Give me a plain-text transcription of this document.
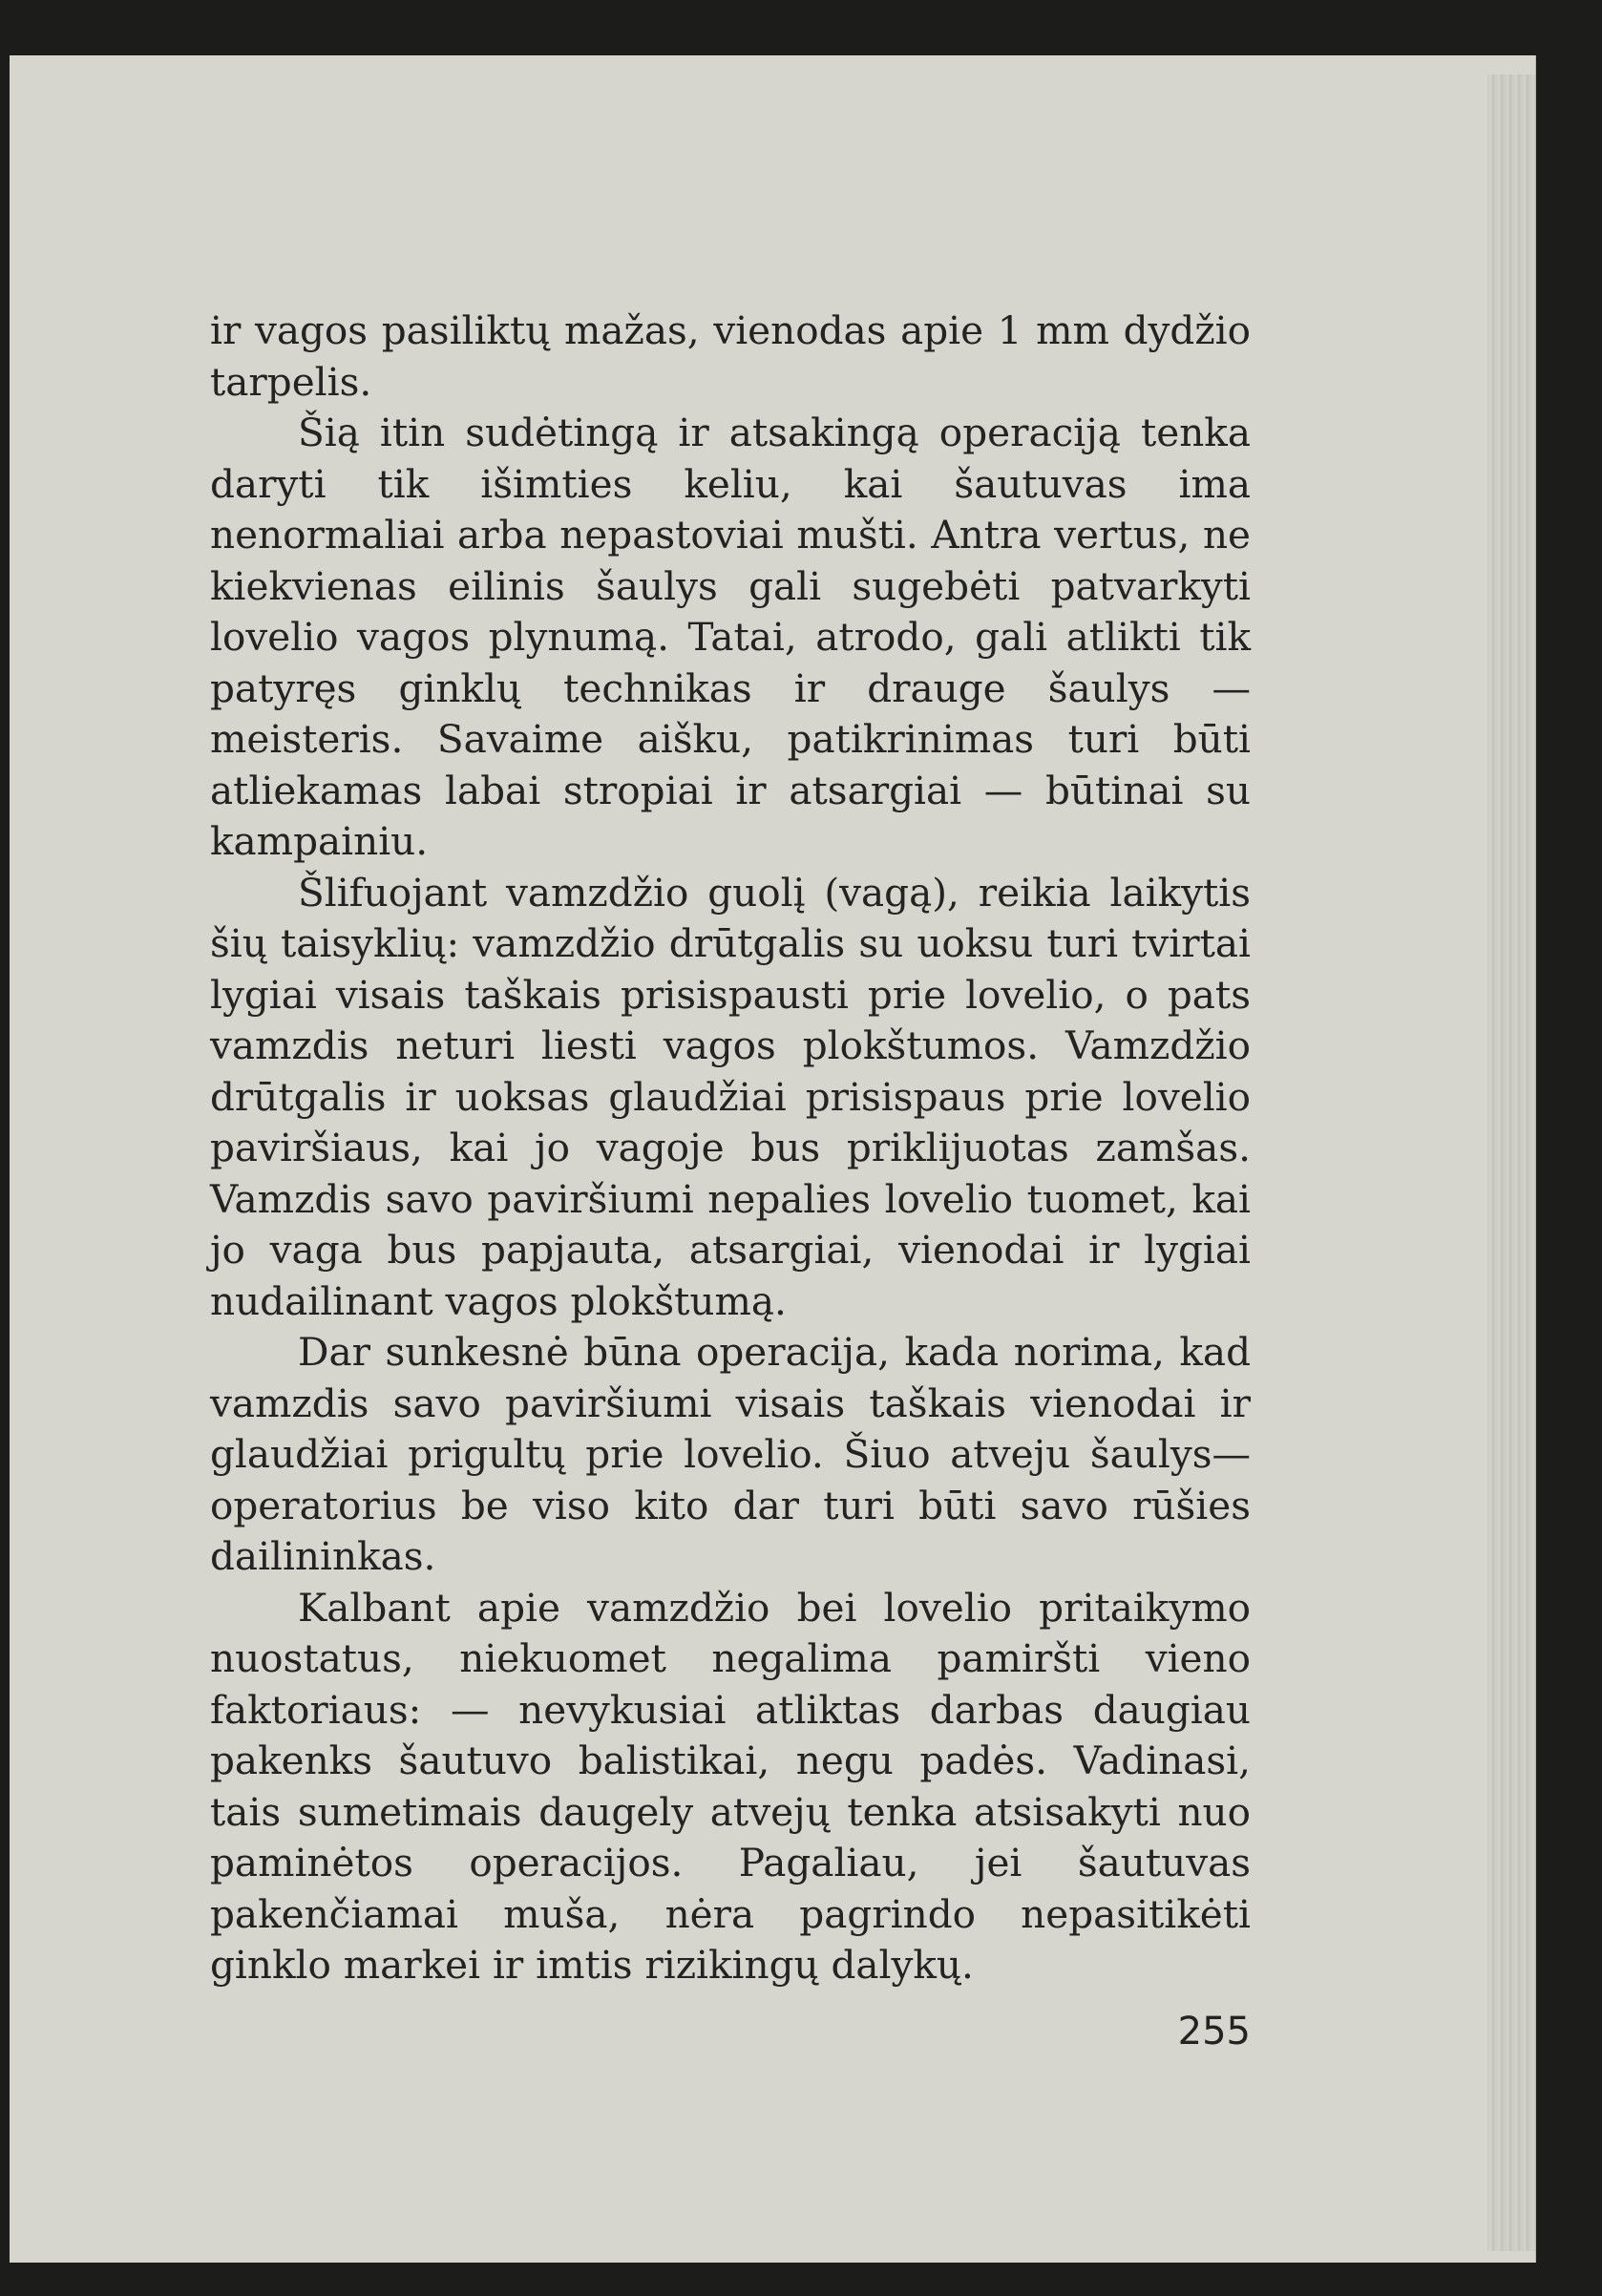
ir vagos pasiliktų mažas, vienodas apie 1 mm dydžio tarpelis.

Šią itin sudėtingą ir atsakingą operaciją tenka daryti tik išimties keliu, kai šautuvas ima nenormaliai arba nepastoviai mušti. Antra vertus, ne kiekvienas eilinis šaulys gali sugebėti patvarkyti lovelio vagos plynumą. Tatai, atrodo, gali atlikti tik patyręs ginklų technikas ir drauge šaulys — meisteris. Savaime aišku, patikrinimas turi būti atliekamas labai stropiai ir atsargiai — būtinai su kampainiu.

Šlifuojant vamzdžio guolį (vagą), reikia laikytis šių taisyklių: vamzdžio drūtgalis su uoksu turi tvirtai lygiai visais taškais prisispausti prie lovelio, o pats vamzdis neturi liesti vagos plokštumos. Vamzdžio drūtgalis ir uoksas glaudžiai prisispaus prie lovelio paviršiaus, kai jo vagoje bus priklijuotas zamšas. Vamzdis savo paviršiumi nepalies lovelio tuomet, kai jo vaga bus papjauta, atsargiai, vienodai ir lygiai nudailinant vagos plokštumą.

Dar sunkesnė būna operacija, kada norima, kad vamzdis savo paviršiumi visais taškais vienodai ir glaudžiai prigultų prie lovelio. Šiuo atveju šaulys— operatorius be viso kito dar turi būti savo rūšies dailininkas.

Kalbant apie vamzdžio bei lovelio pritaikymo nuostatus, niekuomet negalima pamiršti vieno faktoriaus: — nevykusiai atliktas darbas daugiau pakenks šautuvo balistikai, negu padės. Vadinasi, tais sumetimais daugely atvejų tenka atsisakyti nuo paminėtos operacijos. Pagaliau, jei šautuvas pakenčiamai muša, nėra pagrindo nepasitikėti ginklo markei ir imtis rizikingų dalykų.

255
